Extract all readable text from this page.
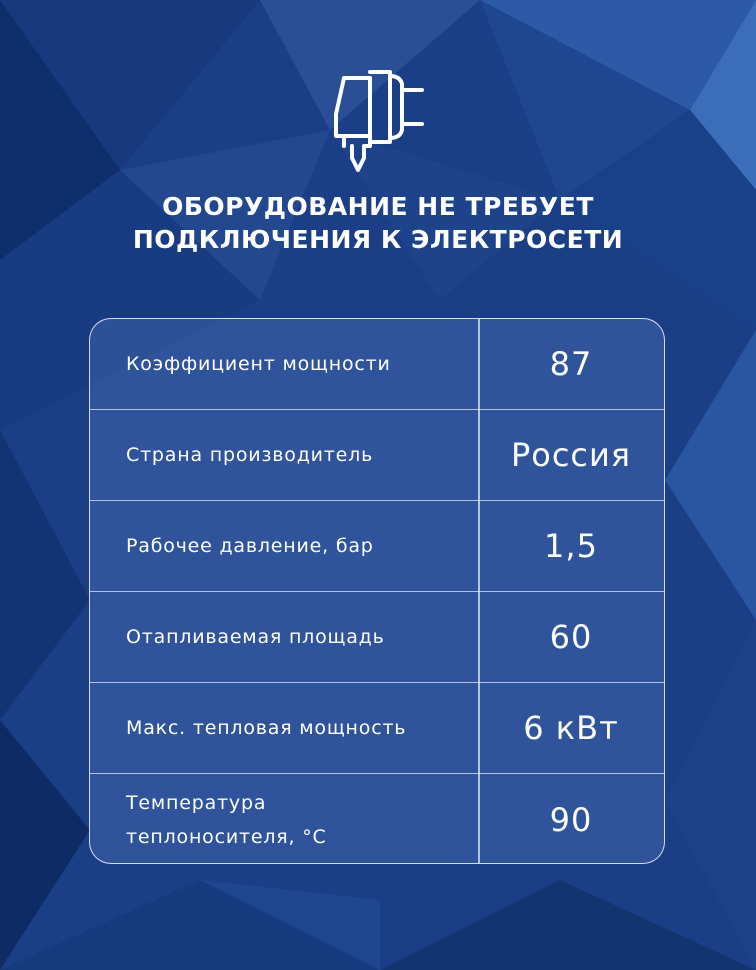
ОБОРУДОВАНИЕ НЕ ТРЕБУЕТ
ПОДКЛЮЧЕНИЯ К ЭЛЕКТРОСЕТИ
Коэффициент мощности	87
Страна производитель	Россия
Рабочее давление, бар	1,5
Отапливаемая площадь	60
Макс. тепловая мощность	6 кВт
Температура теплоносителя, °С	90
